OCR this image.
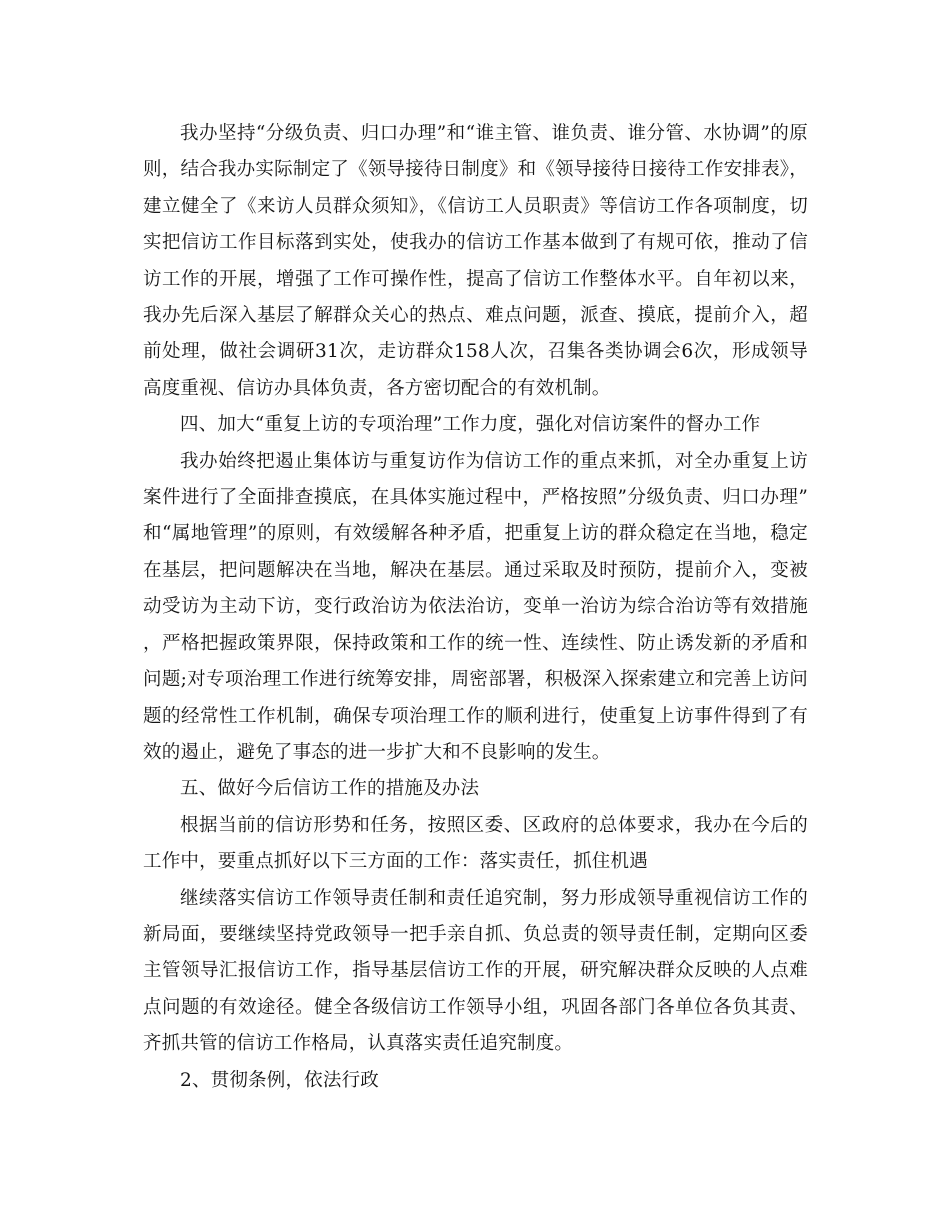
我办坚持“分级负责、归口办理”和“谁主管、谁负责、谁分管、水协调”的原则，结合我办实际制定了《领导接待日制度》和《领导接待日接待工作安排表》，建立健全了《来访人员群众须知》，《信访工人员职责》等信访工作各项制度，切实把信访工作目标落到实处，使我办的信访工作基本做到了有规可依，推动了信访工作的开展，增强了工作可操作性，提高了信访工作整体水平。自年初以来，我办先后深入基层了解群众关心的热点、难点问题，派查、摸底，提前介入，超前处理，做社会调研31次，走访群众158人次，召集各类协调会6次，形成领导高度重视、信访办具体负责，各方密切配合的有效机制。

四、加大“重复上访的专项治理”工作力度，强化对信访案件的督办工作

我办始终把遏止集体访与重复访作为信访工作的重点来抓，对全办重复上访案件进行了全面排查摸底，在具体实施过程中，严格按照”分级负责、归口办理”和“属地管理”的原则，有效缓解各种矛盾，把重复上访的群众稳定在当地，稳定在基层，把问题解决在当地，解决在基层。通过采取及时预防，提前介入，变被动受访为主动下访，变行政治访为依法治访，变单一治访为综合治访等有效措施，严格把握政策界限，保持政策和工作的统一性、连续性、防止诱发新的矛盾和问题;对专项治理工作进行统筹安排，周密部署，积极深入探索建立和完善上访问题的经常性工作机制，确保专项治理工作的顺利进行，使重复上访事件得到了有效的遏止，避免了事态的进一步扩大和不良影响的发生。

五、做好今后信访工作的措施及办法

根据当前的信访形势和任务，按照区委、区政府的总体要求，我办在今后的工作中，要重点抓好以下三方面的工作：落实责任，抓住机遇

继续落实信访工作领导责任制和责任追究制，努力形成领导重视信访工作的新局面，要继续坚持党政领导一把手亲自抓、负总责的领导责任制，定期向区委主管领导汇报信访工作，指导基层信访工作的开展，研究解决群众反映的人点难点问题的有效途径。健全各级信访工作领导小组，巩固各部门各单位各负其责、齐抓共管的信访工作格局，认真落实责任追究制度。

2、贯彻条例，依法行政
